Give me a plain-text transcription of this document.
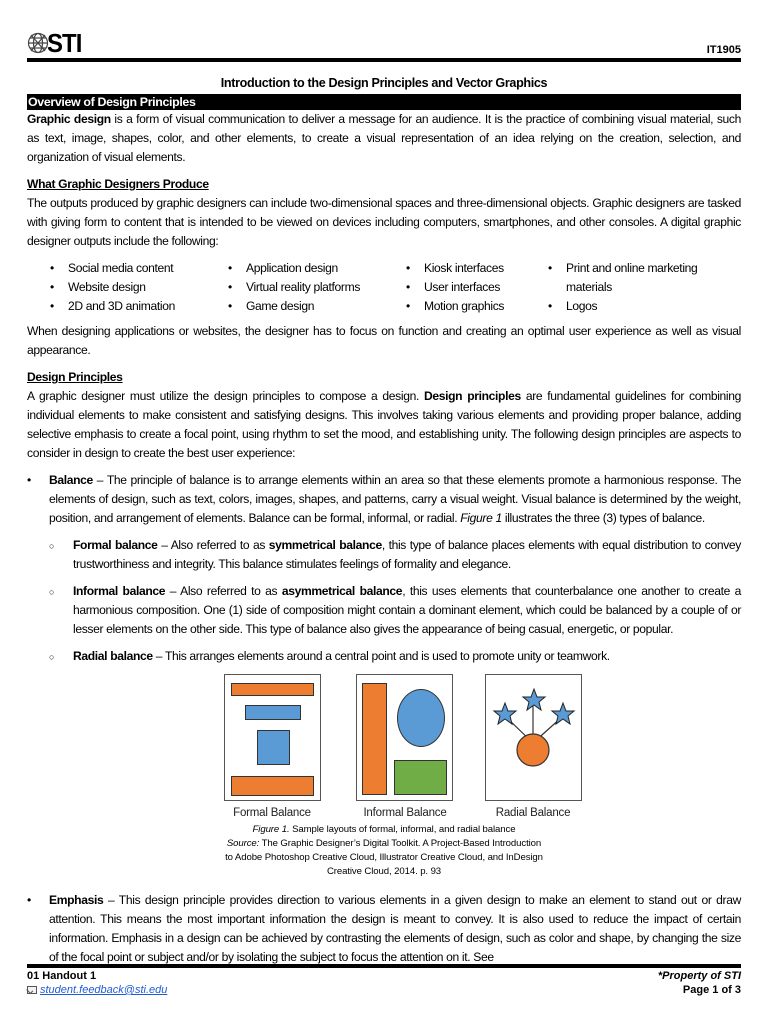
STI	IT1905
Introduction to the Design Principles and Vector Graphics
Overview of Design Principles

Graphic design is a form of visual communication to deliver a message for an audience. It is the practice of combining visual material, such as text, image, shapes, color, and other elements, to create a visual representation of an idea relying on the creation, selection, and organization of visual elements.

What Graphic Designers Produce

The outputs produced by graphic designers can include two-dimensional spaces and three-dimensional objects. Graphic designers are tasked with giving form to content that is intended to be viewed on devices including computers, smartphones, and other consoles. A digital graphic designer outputs include the following:

• Social media content
• Website design
• 2D and 3D animation
• Application design
• Virtual reality platforms
• Game design
• Kiosk interfaces
• User interfaces
• Motion graphics
• Print and online marketing materials
• Logos

When designing applications or websites, the designer has to focus on function and creating an optimal user experience as well as visual appearance.

Design Principles

A graphic designer must utilize the design principles to compose a design. Design principles are fundamental guidelines for combining individual elements to make consistent and satisfying designs. This involves taking various elements and providing proper balance, adding selective emphasis to create a focal point, using rhythm to set the mood, and establishing unity. The following design principles are aspects to consider in design to create the best user experience:

• Balance – The principle of balance is to arrange elements within an area so that these elements promote a harmonious response. The elements of design, such as text, colors, images, shapes, and patterns, carry a visual weight. Visual balance is determined by the weight, position, and arrangement of elements. Balance can be formal, informal, or radial. Figure 1 illustrates the three (3) types of balance.

○ Formal balance – Also referred to as symmetrical balance, this type of balance places elements with equal distribution to convey trustworthiness and integrity. This balance stimulates feelings of formality and elegance.

○ Informal balance – Also referred to as asymmetrical balance, this uses elements that counterbalance one another to create a harmonious composition. One (1) side of composition might contain a dominant element, which could be balanced by a couple of or lesser elements on the other side. This type of balance also gives the appearance of being casual, energetic, or popular.

○ Radial balance – This arranges elements around a central point and is used to promote unity or teamwork.

Formal Balance	Informal Balance	Radial Balance
Figure 1. Sample layouts of formal, informal, and radial balance
Source: The Graphic Designer’s Digital Toolkit. A Project-Based Introduction
to Adobe Photoshop Creative Cloud, Illustrator Creative Cloud, and InDesign
Creative Cloud, 2014. p. 93

• Emphasis – This design principle provides direction to various elements in a given design to make an element to stand out or draw attention. This means the most important information the design is meant to convey. It is also used to reduce the impact of certain information. Emphasis in a design can be achieved by contrasting the elements of design, such as color and shape, by changing the size of the focal point or subject and/or by isolating the subject to focus the attention on it. See

01 Handout 1
student.feedback@sti.edu
*Property of STI
Page 1 of 3
